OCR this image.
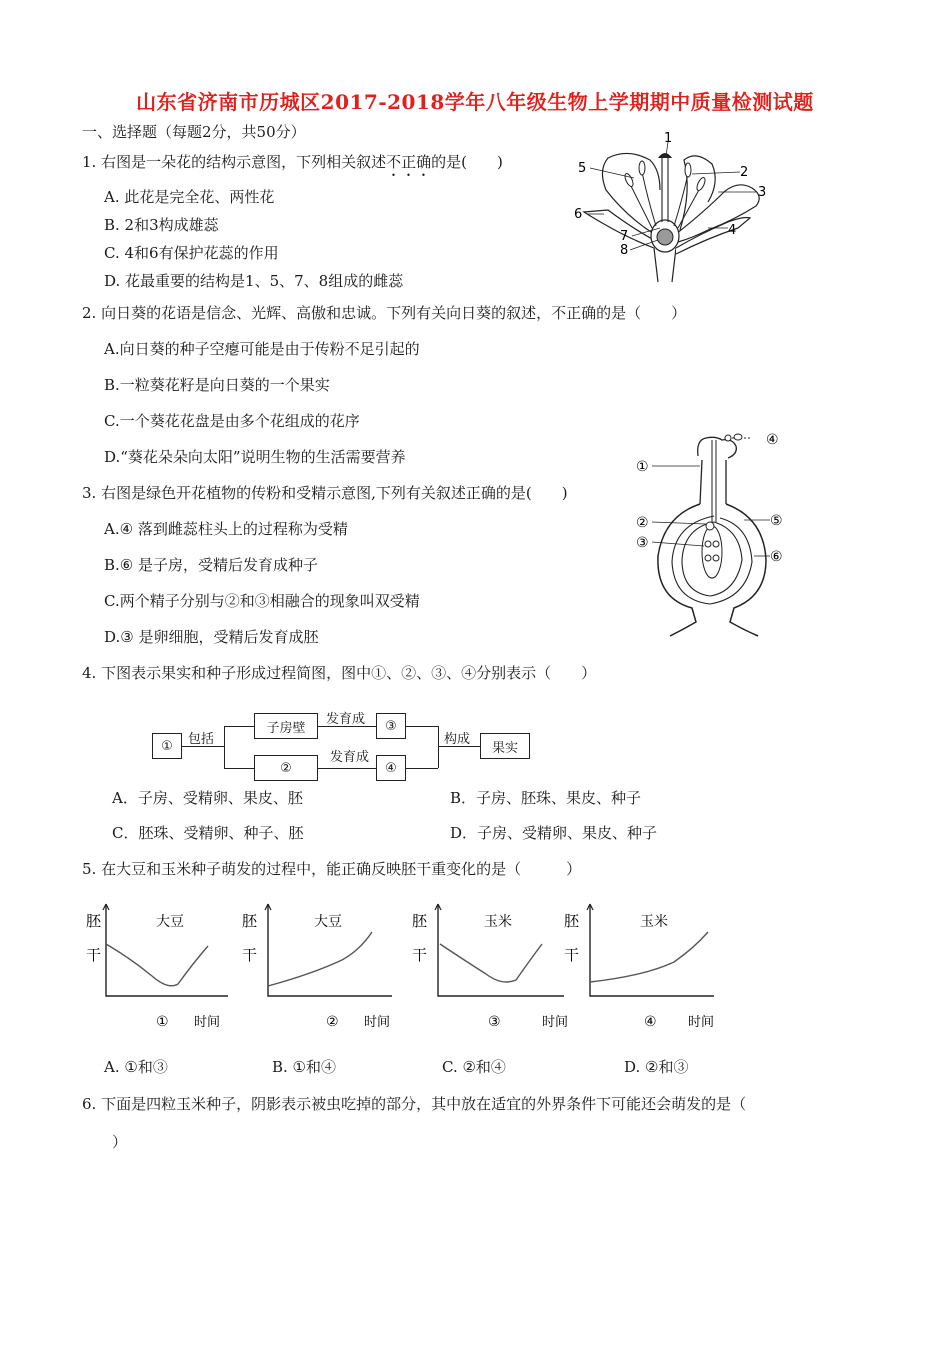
山东省济南市历城区2017-2018学年八年级生物上学期期中质量检测试题
一、选择题（每题2分，共50分）
1. 右图是一朵花的结构示意图，下列相关叙述不正确的是(　　)
A. 此花是完全花、两性花
B. 2和3构成雄蕊
C. 4和6有保护花蕊的作用
D. 花最重要的结构是1、5、7、8组成的雌蕊
1
2
3
4
5
6
7
8
2. 向日葵的花语是信念、光辉、高傲和忠诚。下列有关向日葵的叙述，不正确的是（　　）
A.向日葵的种子空瘪可能是由于传粉不足引起的
B.一粒葵花籽是向日葵的一个果实
C.一个葵花花盘是由多个花组成的花序
D.“葵花朵朵向太阳”说明生物的生活需要营养
3. 右图是绿色开花植物的传粉和受精示意图,下列有关叙述正确的是(　　)
A.④ 落到雌蕊柱头上的过程称为受精
B.⑥ 是子房，受精后发育成种子
C.两个精子分别与②和③相融合的现象叫双受精
D.③ 是卵细胞，受精后发育成胚
①
②
③
④
⑤
⑥
4. 下图表示果实和种子形成过程简图，图中①、②、③、④分别表示（　　）
①	包括
子房壁
②
发育成
发育成
③
④
构成
果实
A．子房、受精卵、果皮、胚	B．子房、胚珠、果皮、种子
C．胚珠、受精卵、种子、胚	D．子房、受精卵、果皮、种子
5. 在大豆和玉米种子萌发的过程中，能正确反映胚干重变化的是（　　　）
胚
干
大豆
① 时间
胚
干
大豆
② 时间
胚
干
玉米
③	时间
胚
干
玉米
④ 时间
A. ①和③	B. ①和④	C. ②和④	D. ②和③
6. 下面是四粒玉米种子，阴影表示被虫吃掉的部分，其中放在适宜的外界条件下可能还会萌发的是（
）
